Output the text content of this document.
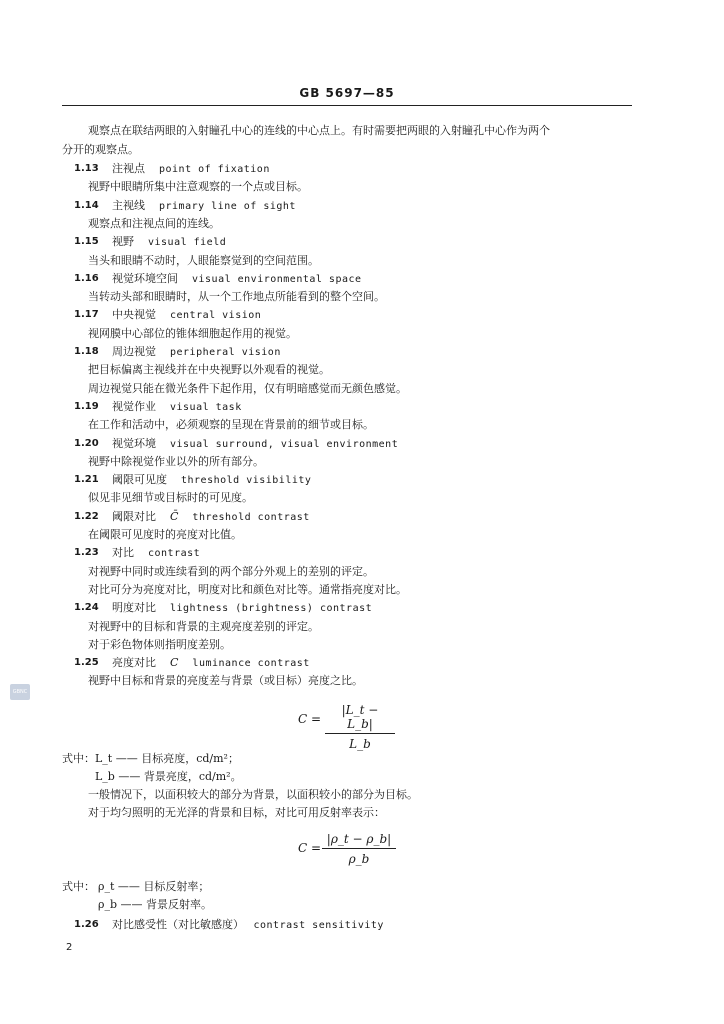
GB 5697—85
观察点在联结两眼的入射瞳孔中心的连线的中心点上。有时需要把两眼的入射瞳孔中心作为两个
分开的观察点。
1.13 注视点 point of fixation
视野中眼睛所集中注意观察的一个点或目标。
1.14 主视线 primary line of sight
观察点和注视点间的连线。
1.15 视野 visual field
当头和眼睛不动时，人眼能察觉到的空间范围。
1.16 视觉环境空间 visual environmental space
当转动头部和眼睛时，从一个工作地点所能看到的整个空间。
1.17 中央视觉 central vision
视网膜中心部位的锥体细胞起作用的视觉。
1.18 周边视觉 peripheral vision
把目标偏离主视线并在中央视野以外观看的视觉。
周边视觉只能在微光条件下起作用，仅有明暗感觉而无颜色感觉。
1.19 视觉作业 visual task
在工作和活动中，必须观察的呈现在背景前的细节或目标。
1.20 视觉环境 visual surround, visual environment
视野中除视觉作业以外的所有部分。
1.21 阈限可见度 threshold visibility
似见非见细节或目标时的可见度。
1.22 阈限对比 C̄ threshold contrast
在阈限可见度时的亮度对比值。
1.23 对比 contrast
对视野中同时或连续看到的两个部分外观上的差别的评定。
对比可分为亮度对比，明度对比和颜色对比等。通常指亮度对比。
1.24 明度对比 lightness (brightness) contrast
对视野中的目标和背景的主观亮度差别的评定。
对于彩色物体则指明度差别。
1.25 亮度对比 C luminance contrast
视野中目标和背景的亮度差与背景（或目标）亮度之比。
$C = \frac{|L\_t - L\_b|}{L\_b}$
式中： L_t —— 目标亮度，cd/m²；
L_b —— 背景亮度，cd/m²。
一般情况下，以面积较大的部分为背景，以面积较小的部分为目标。
对于均匀照明的无光泽的背景和目标，对比可用反射率表示：
$C = \frac{|\rho\_t - \rho\_b|}{\rho\_b}$
式中： ρ_t —— 目标反射率；
ρ_b —— 背景反射率。
1.26 对比感受性（对比敏感度） contrast sensitivity
2
GBNC
